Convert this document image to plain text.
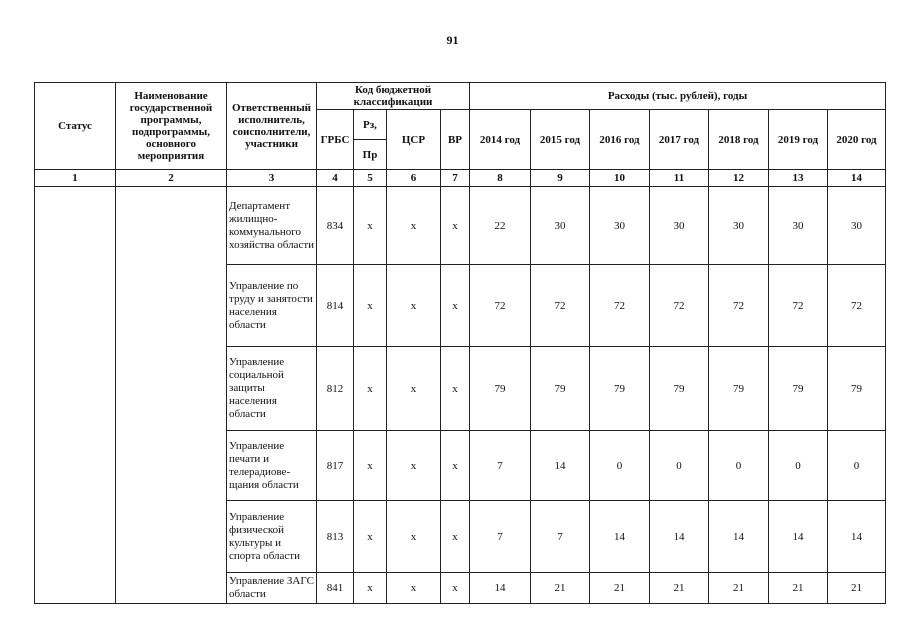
91
Статус	Наименование государственной программы, подпрограммы, основного мероприятия	Ответственный исполнитель, соисполнители, участники	Код бюджетной классификации				Расходы (тыс. рублей), годы						
			ГРБС	Рз,	ЦСР	ВР	2014 год	2015 год	2016 год	2017 год	2018 год	2019 год	2020 год
				Пр									
1	2	3	4	5	6	7	8	9	10	11	12	13	14
		Департамент жилищно-коммунального хозяйства области	834	х	х	х	22	30	30	30	30	30	30
		Управление по труду и занятости населения области	814	х	х	х	72	72	72	72	72	72	72
		Управление социальной защиты населения области	812	х	х	х	79	79	79	79	79	79	79
		Управление печати и телерадиове-щания области	817	х	х	х	7	14	0	0	0	0	0
		Управление физической культуры и спорта области	813	х	х	х	7	7	14	14	14	14	14
		Управление ЗАГС области	841	х	х	х	14	21	21	21	21	21	21
